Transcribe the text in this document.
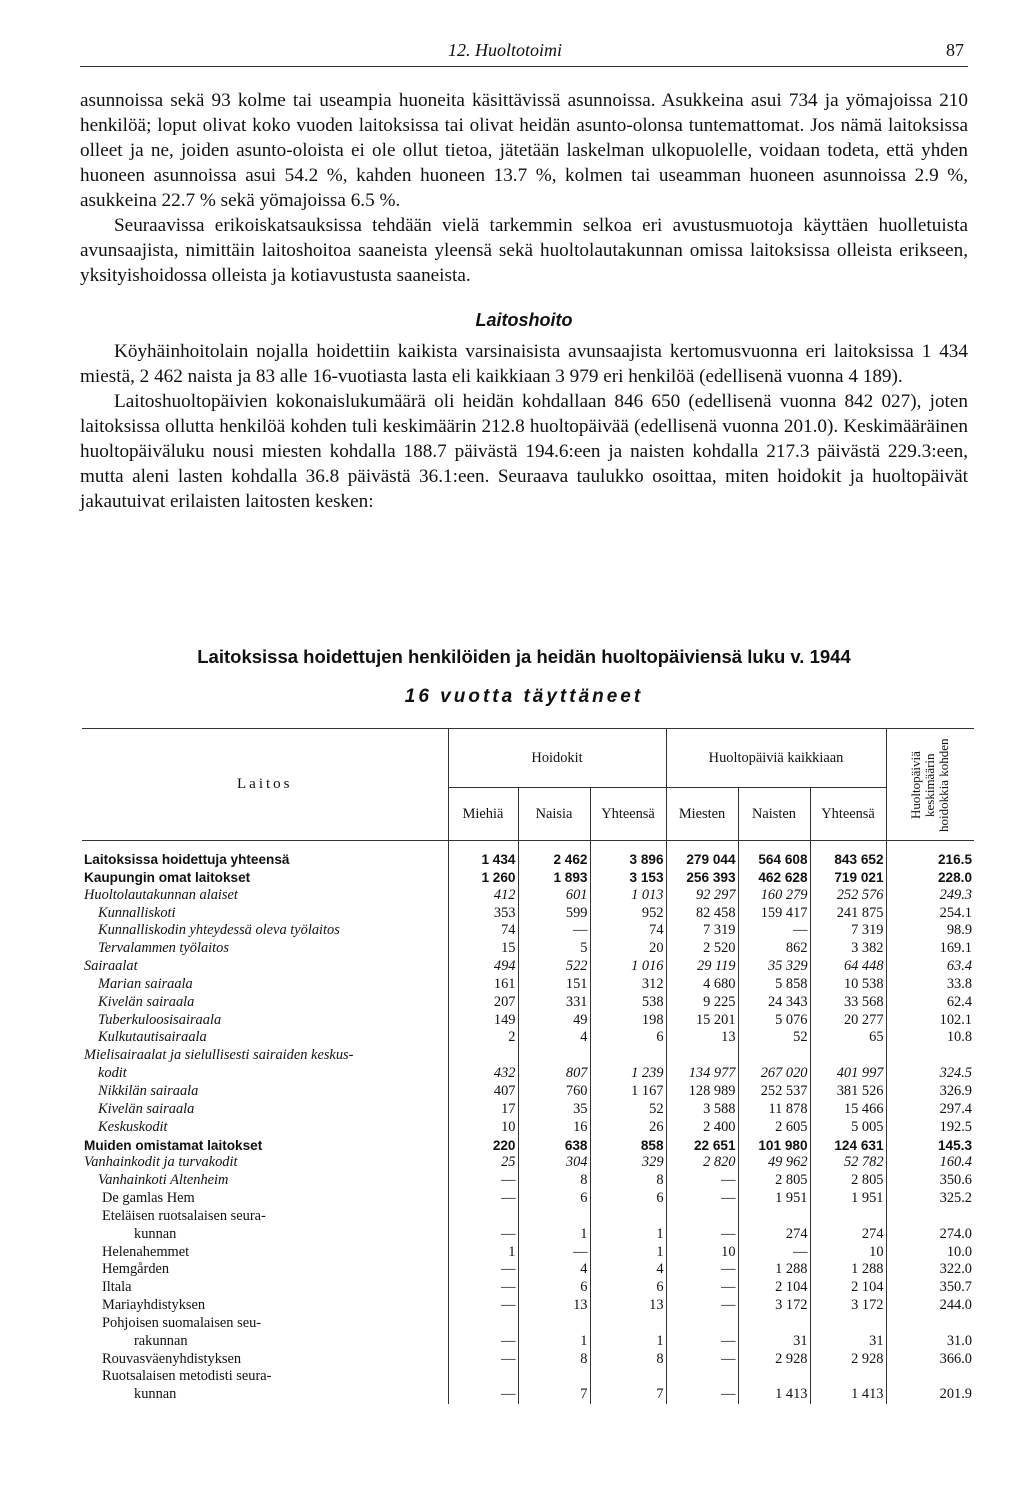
12. Huoltotoimi	87

asunnoissa sekä 93 kolme tai useampia huoneita käsittävissä asunnoissa. Asukkeina asui 734 ja yömajoissa 210 henkilöä; loput olivat koko vuoden laitoksissa tai olivat heidän asunto-olonsa tuntemattomat. Jos nämä laitoksissa olleet ja ne, joiden asunto-oloista ei ole ollut tietoa, jätetään laskelman ulkopuolelle, voidaan todeta, että yhden huoneen asunnoissa asui 54.2 %, kahden huoneen 13.7 %, kolmen tai useamman huoneen asunnoissa 2.9 %, asukkeina 22.7 % sekä yömajoissa 6.5 %.

Seuraavissa erikoiskatsauksissa tehdään vielä tarkemmin selkoa eri avustusmuotoja käyttäen huolletuista avunsaajista, nimittäin laitoshoitoa saaneista yleensä sekä huoltolautakunnan omissa laitoksissa olleista erikseen, yksityishoidossa olleista ja kotiavustusta saaneista.

Laitoshoito

Köyhäinhoitolain nojalla hoidettiin kaikista varsinaisista avunsaajista kertomusvuonna eri laitoksissa 1 434 miestä, 2 462 naista ja 83 alle 16-vuotiasta lasta eli kaikkiaan 3 979 eri henkilöä (edellisenä vuonna 4 189).

Laitoshuoltopäivien kokonaislukumäärä oli heidän kohdallaan 846 650 (edellisenä vuonna 842 027), joten laitoksissa ollutta henkilöä kohden tuli keskimäärin 212.8 huoltopäivää (edellisenä vuonna 201.0). Keskimääräinen huoltopäiväluku nousi miesten kohdalla 188.7 päivästä 194.6:een ja naisten kohdalla 217.3 päivästä 229.3:een, mutta aleni lasten kohdalla 36.8 päivästä 36.1:een. Seuraava taulukko osoittaa, miten hoidokit ja huoltopäivät jakautuivat erilaisten laitosten kesken:

Laitoksissa hoidettujen henkilöiden ja heidän huoltopäiviensä luku v. 1944
16 vuotta täyttäneet
Laitos	Hoidokit			Huoltopäiviä kaikkiaan			Huoltopäiviä keskimäärin hoidokkia kohden

	Miehiä	Naisia	Yhteensä	Miesten	Naisten	Yhteensä	
Laitoksissa hoidettuja yhteensä	1 434	2 462	3 896	279 044	564 608	843 652	216.5
Kaupungin omat laitokset	1 260	1 893	3 153	256 393	462 628	719 021	228.0
Huoltolautakunnan alaiset	412	601	1 013	92 297	160 279	252 576	249.3
Kunnalliskoti	353	599	952	82 458	159 417	241 875	254.1
Kunnalliskodin yhteydessä oleva työlaitos	74	—	74	7 319	—	7 319	98.9
Tervalammen työlaitos	15	5	20	2 520	862	3 382	169.1
Sairaalat	494	522	1 016	29 119	35 329	64 448	63.4
Marian sairaala	161	151	312	4 680	5 858	10 538	33.8
Kivelän sairaala	207	331	538	9 225	24 343	33 568	62.4
Tuberkuloosisairaala	149	49	198	15 201	5 076	20 277	102.1
Kulkutautisairaala	2	4	6	13	52	65	10.8
Mielisairaalat ja sielullisesti sairaiden keskus-							
kodit	432	807	1 239	134 977	267 020	401 997	324.5
Nikkilän sairaala	407	760	1 167	128 989	252 537	381 526	326.9
Kivelän sairaala	17	35	52	3 588	11 878	15 466	297.4
Keskuskodit	10	16	26	2 400	2 605	5 005	192.5
Muiden omistamat laitokset	220	638	858	22 651	101 980	124 631	145.3
Vanhainkodit ja turvakodit	25	304	329	2 820	49 962	52 782	160.4
Vanhainkoti Altenheim	—	8	8	—	2 805	2 805	350.6
De gamlas Hem	—	6	6	—	1 951	1 951	325.2
Eteläisen ruotsalaisen seura-							
kunnan	—	1	1	—	274	274	274.0
Helenahemmet	1	—	1	10	—	10	10.0
Hemgården	—	4	4	—	1 288	1 288	322.0
Iltala	—	6	6	—	2 104	2 104	350.7
Mariayhdistyksen	—	13	13	—	3 172	3 172	244.0
Pohjoisen suomalaisen seu-							
rakunnan	—	1	1	—	31	31	31.0
Rouvasväenyhdistyksen	—	8	8	—	2 928	2 928	366.0
Ruotsalaisen metodisti seura-							
kunnan	—	7	7	—	1 413	1 413	201.9
